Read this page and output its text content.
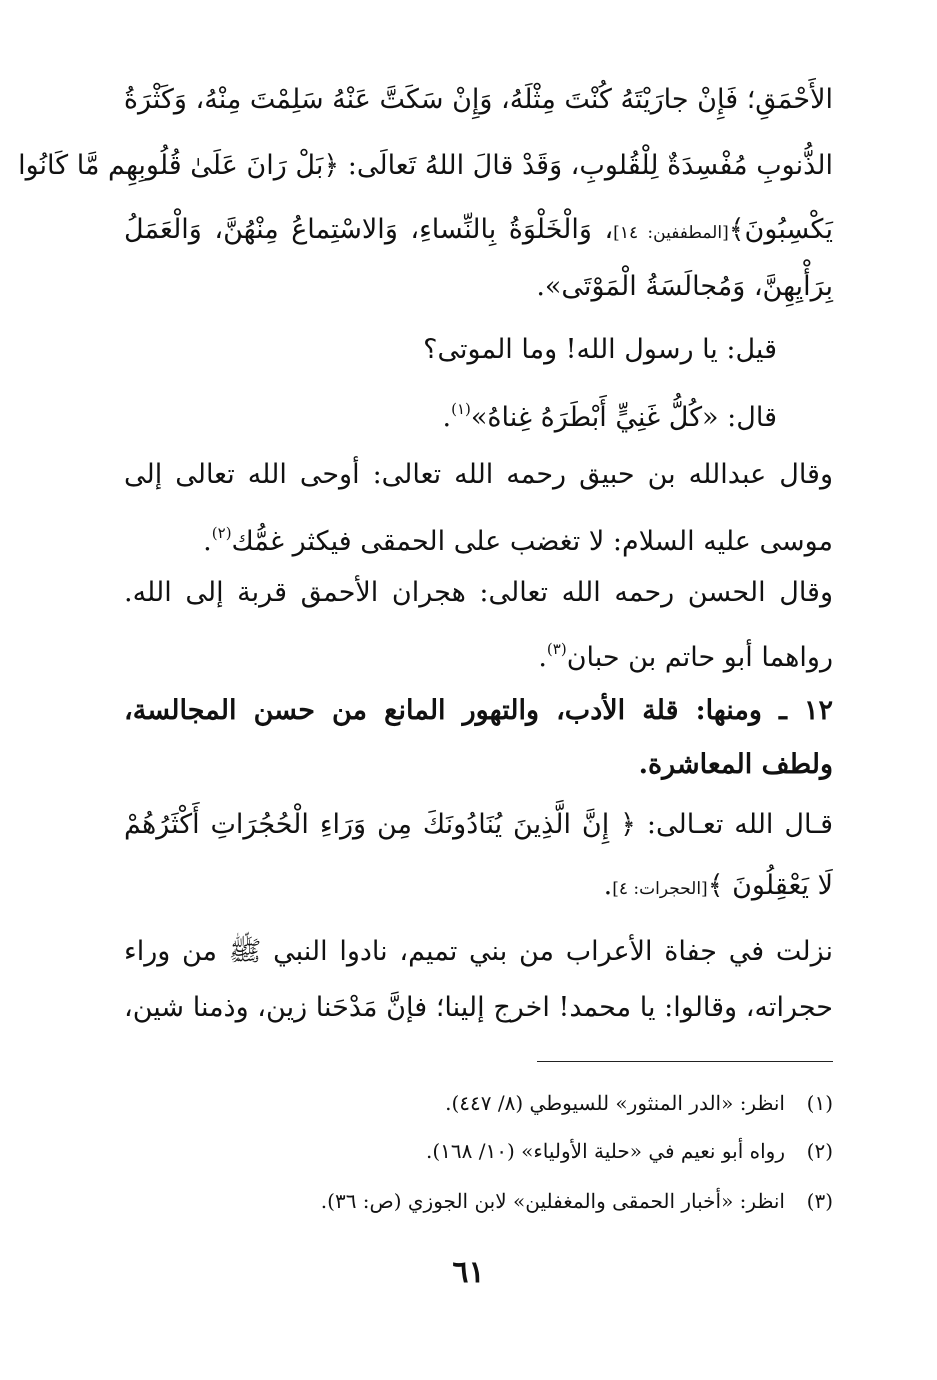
الأَحْمَقِ؛ فَإِنْ جارَيْتَهُ كُنْتَ مِثْلَهُ، وَإِنْ سَكَتَّ عَنْهُ سَلِمْتَ مِنْهُ، وَكَثْرَةُ
الذُّنوبِ مُفْسِدَةٌ لِلْقُلوبِ، وَقَدْ قالَ اللهُ تَعالَى: ﴿بَلْ رَانَ عَلَىٰ قُلُوبِهِم مَّا كَانُوا
يَكْسِبُونَ﴾[المطففين: ١٤]، وَالْخَلْوَةُ بِالنِّساءِ، وَالاسْتِماعُ مِنْهُنَّ، وَالْعَمَلُ
بِرَأْيِهِنَّ، وَمُجالَسَةُ الْمَوْتَى».
قيل: يا رسول الله! وما الموتى؟
قال: «كُلُّ غَنِيٍّ أَبْطَرَهُ غِناهُ»$^{(١)}$.
وقال عبدالله بن حبيق رحمه الله تعالى: أوحى الله تعالى إلى
موسى عليه السلام: لا تغضب على الحمقى فيكثر غمُّك$^{(٢)}$.
وقال الحسن رحمه الله تعالى: هجران الأحمق قربة إلى الله.
رواهما أبو حاتم بن حبان$^{(٣)}$.
١٢ ـ ومنها: قلة الأدب، والتهور المانع من حسن المجالسة،
ولطف المعاشرة.
قـال الله تعـالى: ﴿ إِنَّ الَّذِينَ يُنَادُونَكَ مِن وَرَاءِ الْحُجُرَاتِ أَكْثَرُهُمْ
لَا يَعْقِلُونَ ﴾[الحجرات: ٤].
نزلت في جفاة الأعراب من بني تميم، نادوا النبي ﷺ من وراء
حجراته، وقالوا: يا محمد! اخرج إلينا؛ فإنَّ مَدْحَنا زين، وذمنا شين،
(١)انظر: «الدر المنثور» للسيوطي (٨/ ٤٤٧).
(٢)رواه أبو نعيم في «حلية الأولياء» (١٠/ ١٦٨).
(٣)انظر: «أخبار الحمقى والمغفلين» لابن الجوزي (ص: ٣٦).
٦١
